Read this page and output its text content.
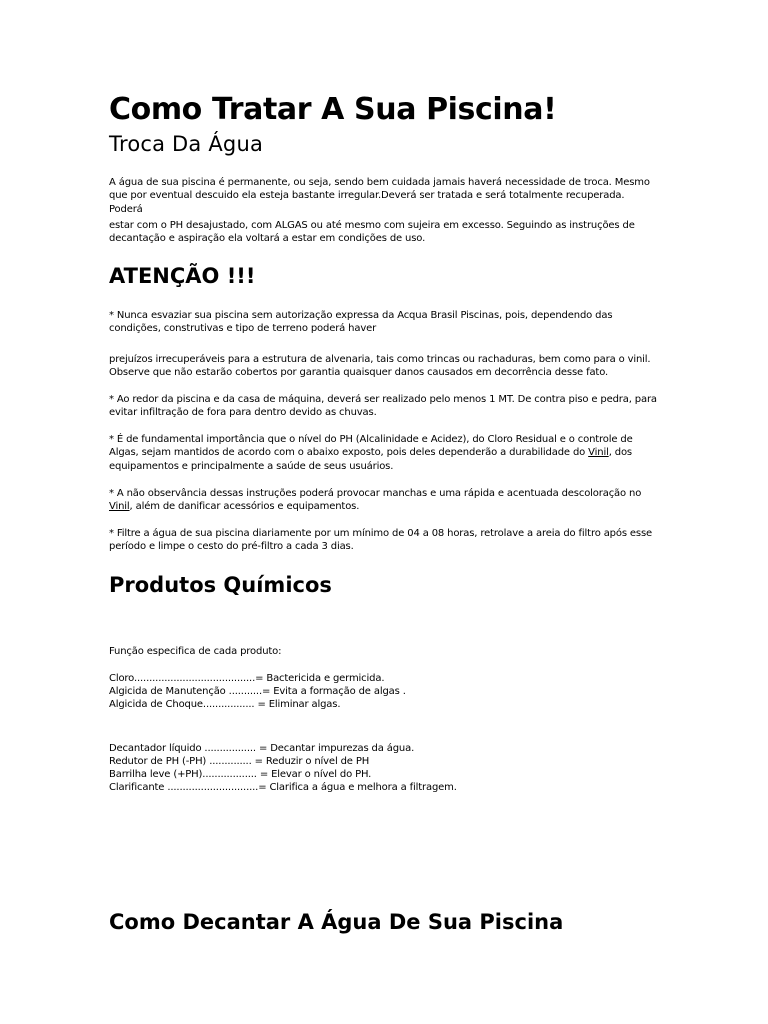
Como Tratar A Sua Piscina!
Troca Da Água

A água de sua piscina é permanente, ou seja, sendo bem cuidada jamais haverá necessidade de troca. Mesmo que por eventual descuido ela esteja bastante irregular.Deverá ser tratada e será totalmente recuperada. Poderá

estar com o PH desajustado, com ALGAS ou até mesmo com sujeira em excesso. Seguindo as instruções de decantação e aspiração ela voltará a estar em condições de uso.

ATENÇÃO !!!

* Nunca esvaziar sua piscina sem autorização expressa da Acqua Brasil Piscinas, pois, dependendo das condições, construtivas e tipo de terreno poderá haver

prejuízos irrecuperáveis para a estrutura de alvenaria, tais como trincas ou rachaduras, bem como para o vinil. Observe que não estarão cobertos por garantia quaisquer danos causados em decorrência desse fato.

* Ao redor da piscina e da casa de máquina, deverá ser realizado pelo menos 1 MT. De contra piso e pedra, para evitar infiltração de fora para dentro devido as chuvas.

* É de fundamental importância que o nível do PH (Alcalinidade e Acidez), do Cloro Residual e o controle de Algas, sejam mantidos de acordo com o abaixo exposto, pois deles dependerão a durabilidade do Vinil, dos equipamentos e principalmente a saúde de seus usuários.

* A não observância dessas instruções poderá provocar manchas e uma rápida e acentuada descoloração no Vinil, além de danificar acessórios e equipamentos.

* Filtre a água de sua piscina diariamente por um mínimo de 04 a 08 horas, retrolave a areia do filtro após esse período e limpe o cesto do pré-filtro a cada 3 dias.

Produtos Químicos
Função especifica de cada produto:
Cloro........................................= Bactericida e germicida.
Algicida de Manutenção ...........= Evita a formação de algas .
Algicida de Choque................. = Eliminar algas.
Decantador líquido ................. = Decantar impurezas da água.
Redutor de PH (-PH) .............. = Reduzir o nível de PH
Barrilha leve (+PH).................. = Elevar o nível do PH.
Clarificante ..............................= Clarifica a água e melhora a filtragem.
Como Decantar A Água De Sua Piscina
